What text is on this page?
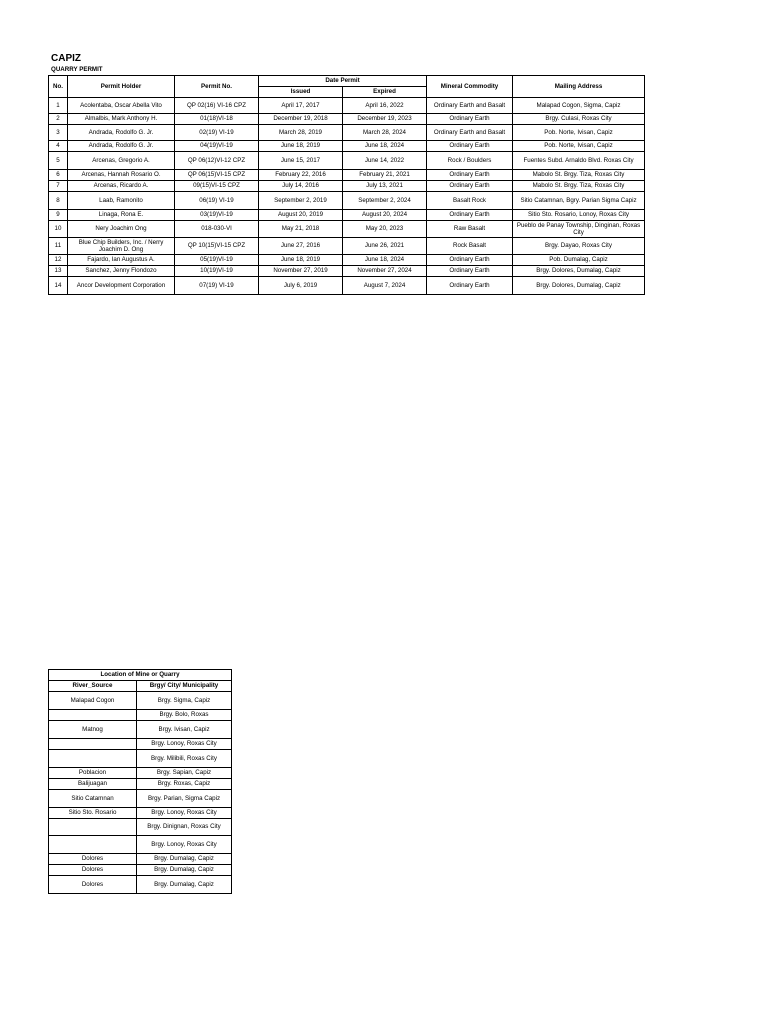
CAPIZ
QUARRY PERMIT
No.	Permit Holder	Permit No.	Date Permit		Mineral Commodity	Mailing Address
			Issued	Expired		
1	Acolentaba, Oscar Abella Vito	QP 02(16) VI-16 CPZ	April 17, 2017	April 16, 2022	Ordinary Earth and Basalt	Malapad Cogon, Sigma, Capiz
2	Almalbis, Mark Anthony H.	01(18)VI-18	December 19, 2018	December 19, 2023	Ordinary Earth	Brgy. Culasi, Roxas City
3	Andrada, Rodolfo G. Jr.	02(19) VI-19	March 28, 2019	March 28, 2024	Ordinary Earth and Basalt	Pob. Norte, Ivisan, Capiz
4	Andrada, Rodolfo G. Jr.	04(19)VI-19	June 18, 2019	June 18, 2024	Ordinary Earth	Pob. Norte, Ivisan, Capiz
5	Arcenas, Gregorio A.	QP 06(12)VI-12 CPZ	June 15, 2017	June 14, 2022	Rock / Boulders	Fuentes Subd. Arnaldo Blvd. Roxas City
6	Arcenas, Hannah Rosario O.	QP 06(15)VI-15 CPZ	February 22, 2016	February 21, 2021	Ordinary Earth	Mabolo St. Brgy. Tiza, Roxas City
7	Arcenas, Ricardo A.	09(15)VI-15 CPZ	July 14, 2016	July 13, 2021	Ordinary Earth	Mabolo St. Brgy. Tiza, Roxas City
8	Laab, Ramonito	06(19) VI-19	September 2, 2019	September 2, 2024	Basalt Rock	Sitio Catamnan, Bgry. Parian Sigma Capiz
9	Linaga, Rona E.	03(19)VI-19	August 20, 2019	August 20, 2024	Ordinary Earth	Sitio Sto. Rosario, Lonoy, Roxas City
10	Nery Joachim Ong	018-030-VI	May 21, 2018	May 20, 2023	Raw Basalt	Pueblo de Panay Township, Dinginan, Roxas City
11	Blue Chip Builders, Inc. / Nerry Joachim D. Ong	QP 10(15)VI-15 CPZ	June 27, 2016	June 26, 2021	Rock Basalt	Brgy. Dayao, Roxas City
12	Fajardo, Ian Augustus A.	05(19)VI-19	June 18, 2019	June 18, 2024	Ordinary Earth	Pob. Dumalag, Capiz
13	Sanchez, Jenny Flondozo	10(19)VI-19	November 27, 2019	November 27, 2024	Ordinary Earth	Brgy. Dolores, Dumalag, Capiz
14	Ancor Development Corporation	07(19) VI-19	July 6, 2019	August 7, 2024	Ordinary Earth	Brgy. Dolores, Dumalag, Capiz
Location of Mine or Quarry	
River_Source	Brgy/ City/ Municipality
Malapad Cogon	Brgy. Sigma, Capiz
	Brgy. Bolo, Roxas
Matnog	Brgy. Ivisan, Capiz
	Brgy. Lonoy, Roxas City
	Brgy. Milibili, Roxas City
Poblacion	Brgy. Sapian, Capiz
Balijuagan	Brgy. Roxas, Capiz
Sitio Catamnan	Brgy. Parian, Sigma Capiz
Sitio Sto. Rosario	Brgy. Lonoy, Roxas City
	Brgy. Dinignan, Roxas City
	Brgy. Lonoy, Roxas City
Dolores	Brgy. Dumalag, Capiz
Dolores	Brgy. Dumalag, Capiz
Dolores	Brgy. Dumalag, Capiz
